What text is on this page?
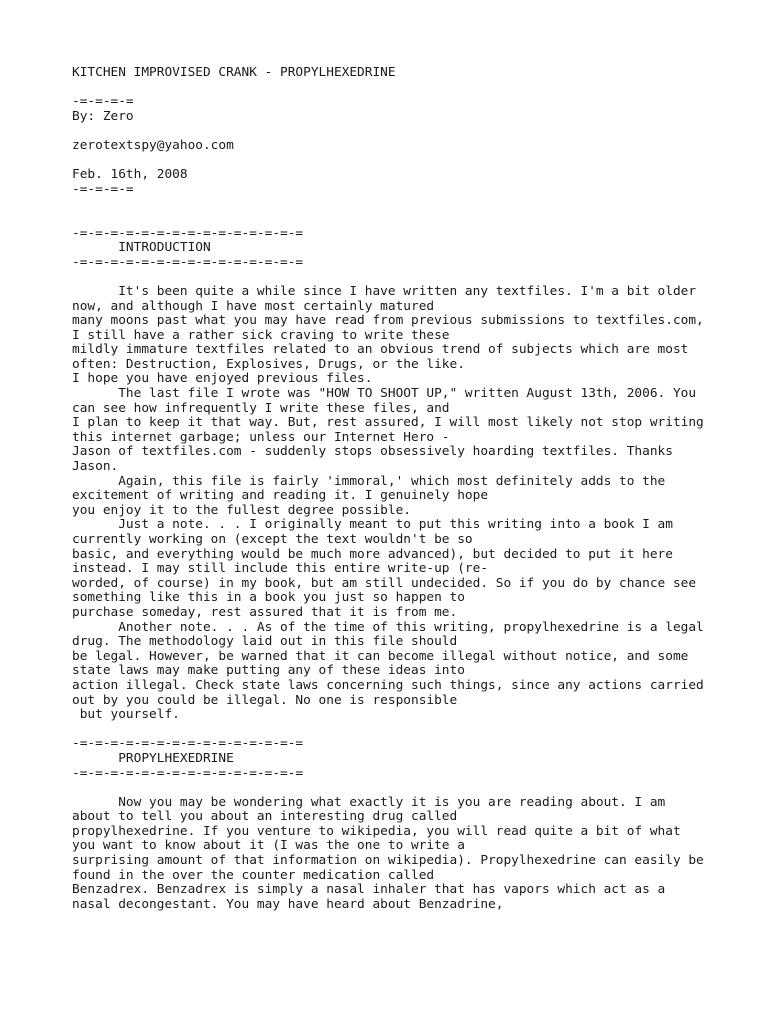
KITCHEN IMPROVISED CRANK - PROPYLHEXEDRINE
-=-=-=-=
By: Zero
zerotextspy@yahoo.com
Feb. 16th, 2008
-=-=-=-=
-=-=-=-=-=-=-=-=-=-=-=-=-=-=-=
INTRODUCTION
-=-=-=-=-=-=-=-=-=-=-=-=-=-=-=
It's been quite a while since I have written any textfiles. I'm a bit older
now, and although I have most certainly matured
many moons past what you may have read from previous submissions to textfiles.com,
I still have a rather sick craving to write these
mildly immature textfiles related to an obvious trend of subjects which are most
often: Destruction, Explosives, Drugs, or the like.
I hope you have enjoyed previous files.
The last file I wrote was "HOW TO SHOOT UP," written August 13th, 2006. You
can see how infrequently I write these files, and
I plan to keep it that way. But, rest assured, I will most likely not stop writing
this internet garbage; unless our Internet Hero -
Jason of textfiles.com - suddenly stops obsessively hoarding textfiles. Thanks
Jason.
Again, this file is fairly 'immoral,' which most definitely adds to the
excitement of writing and reading it. I genuinely hope
you enjoy it to the fullest degree possible.
Just a note. . . I originally meant to put this writing into a book I am
currently working on (except the text wouldn't be so
basic, and everything would be much more advanced), but decided to put it here
instead. I may still include this entire write-up (re-
worded, of course) in my book, but am still undecided. So if you do by chance see
something like this in a book you just so happen to
purchase someday, rest assured that it is from me.
Another note. . . As of the time of this writing, propylhexedrine is a legal
drug. The methodology laid out in this file should
be legal. However, be warned that it can become illegal without notice, and some
state laws may make putting any of these ideas into
action illegal. Check state laws concerning such things, since any actions carried
out by you could be illegal. No one is responsible
but yourself.
-=-=-=-=-=-=-=-=-=-=-=-=-=-=-=
PROPYLHEXEDRINE
-=-=-=-=-=-=-=-=-=-=-=-=-=-=-=
Now you may be wondering what exactly it is you are reading about. I am
about to tell you about an interesting drug called
propylhexedrine. If you venture to wikipedia, you will read quite a bit of what
you want to know about it (I was the one to write a
surprising amount of that information on wikipedia). Propylhexedrine can easily be
found in the over the counter medication called
Benzadrex. Benzadrex is simply a nasal inhaler that has vapors which act as a
nasal decongestant. You may have heard about Benzadrine,
